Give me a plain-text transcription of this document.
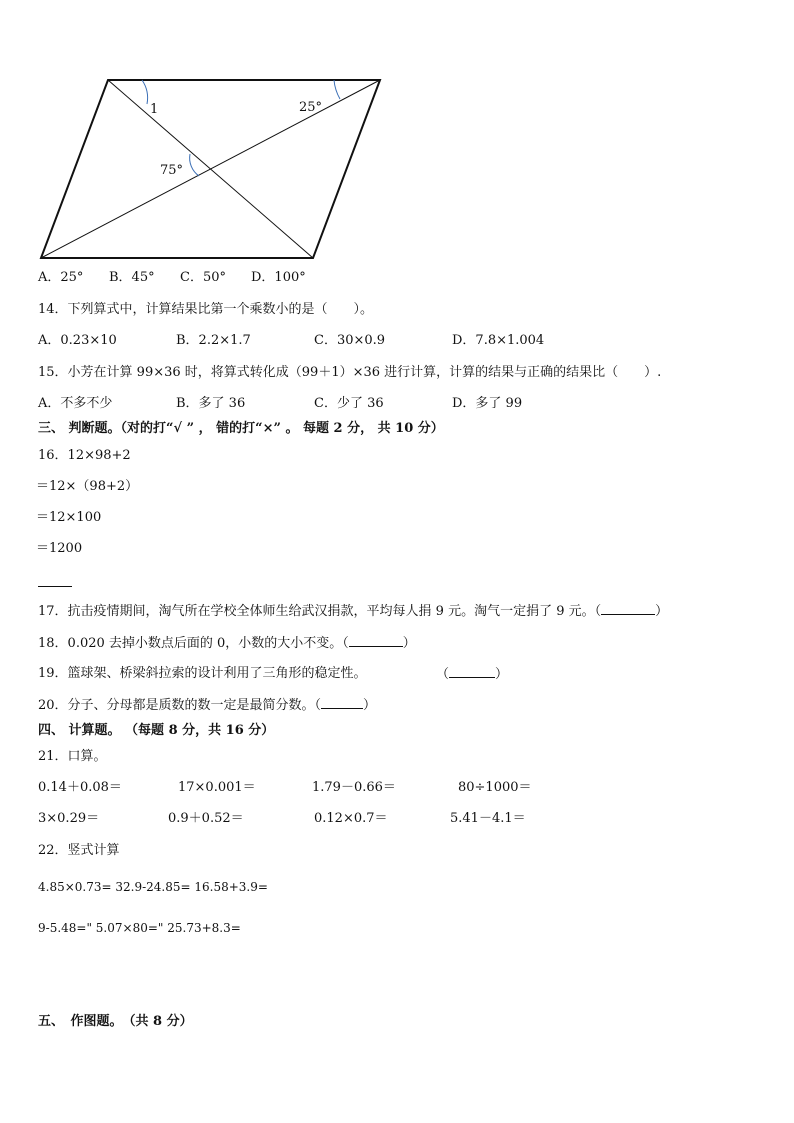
1	25°
75°
A．25° B．45° C．50° D．100°
14．下列算式中，计算结果比第一个乘数小的是（　　）。
A．0.23×10	B．2.2×1.7	C．30×0.9	D．7.8×1.004
15．小芳在计算 99×36 时，将算式转化成（99＋1）×36 进行计算，计算的结果与正确的结果比（　　）.
A．不多不少	B．多了 36	C．少了 36	D．多了 99
三、 判断题。（对的打“√ ” ， 错的打“×” 。 每题 2 分， 共 10 分）
16．12×98+2
＝12×（98+2）
＝12×100
＝1200
17．抗击疫情期间，淘气所在学校全体师生给武汉捐款，平均每人捐 9 元。淘气一定捐了 9 元。（	）
18．0.020 去掉小数点后面的 0，小数的大小不变。（	）
19．篮球架、桥梁斜拉索的设计利用了三角形的稳定性。	（	）
20．分子、分母都是质数的数一定是最简分数。（	）
四、 计算题。 （每题 8 分，共 16 分）
21．口算。
0.14＋0.08＝	17×0.001＝	1.79－0.66＝	80÷1000＝
3×0.29＝	0.9＋0.52＝	0.12×0.7＝	5.41－4.1＝
22．竖式计算
4.85×0.73= 32.9-24.85= 16.58+3.9=
9-5.48=" 5.07×80=" 25.73+8.3=
五、　作图题。　（共 8 分）
